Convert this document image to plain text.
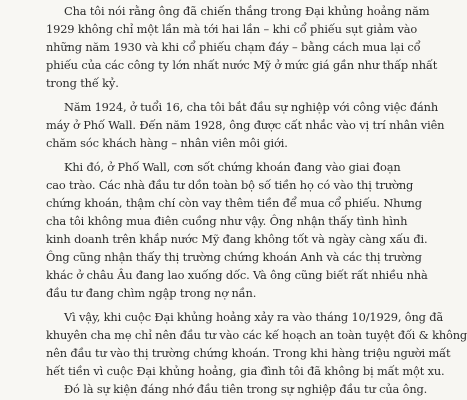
Cha tôi nói rằng ông đã chiến thắng trong Đại khủng hoảng năm
1929 không chỉ một lần mà tới hai lần – khi cổ phiếu sụt giảm vào
những năm 1930 và khi cổ phiếu chạm đáy – bằng cách mua lại cổ
phiếu của các công ty lớn nhất nước Mỹ ở mức giá gần như thấp nhất
trong thế kỷ.
Năm 1924, ở tuổi 16, cha tôi bắt đầu sự nghiệp với công việc đánh
máy ở Phố Wall. Đến năm 1928, ông được cất nhắc vào vị trí nhân viên
chăm sóc khách hàng – nhân viên môi giới.
Khi đó, ở Phố Wall, cơn sốt chứng khoán đang vào giai đoạn
cao trào. Các nhà đầu tư dồn toàn bộ số tiền họ có vào thị trường
chứng khoán, thậm chí còn vay thêm tiền để mua cổ phiếu. Nhưng
cha tôi không mua điên cuồng như vậy. Ông nhận thấy tình hình
kinh doanh trên khắp nước Mỹ đang không tốt và ngày càng xấu đi.
Ông cũng nhận thấy thị trường chứng khoán Anh và các thị trường
khác ở châu Âu đang lao xuống dốc. Và ông cũng biết rất nhiều nhà
đầu tư đang chìm ngập trong nợ nần.
Vì vậy, khi cuộc Đại khủng hoảng xảy ra vào tháng 10/1929, ông đã
khuyên cha mẹ chỉ nên đầu tư vào các kế hoạch an toàn tuyệt đối & không
nên đầu tư vào thị trường chứng khoán. Trong khi hàng triệu người mất
hết tiền vì cuộc Đại khủng hoảng, gia đình tôi đã không bị mất một xu.
Đó là sự kiện đáng nhớ đầu tiên trong sự nghiệp đầu tư của ông.
